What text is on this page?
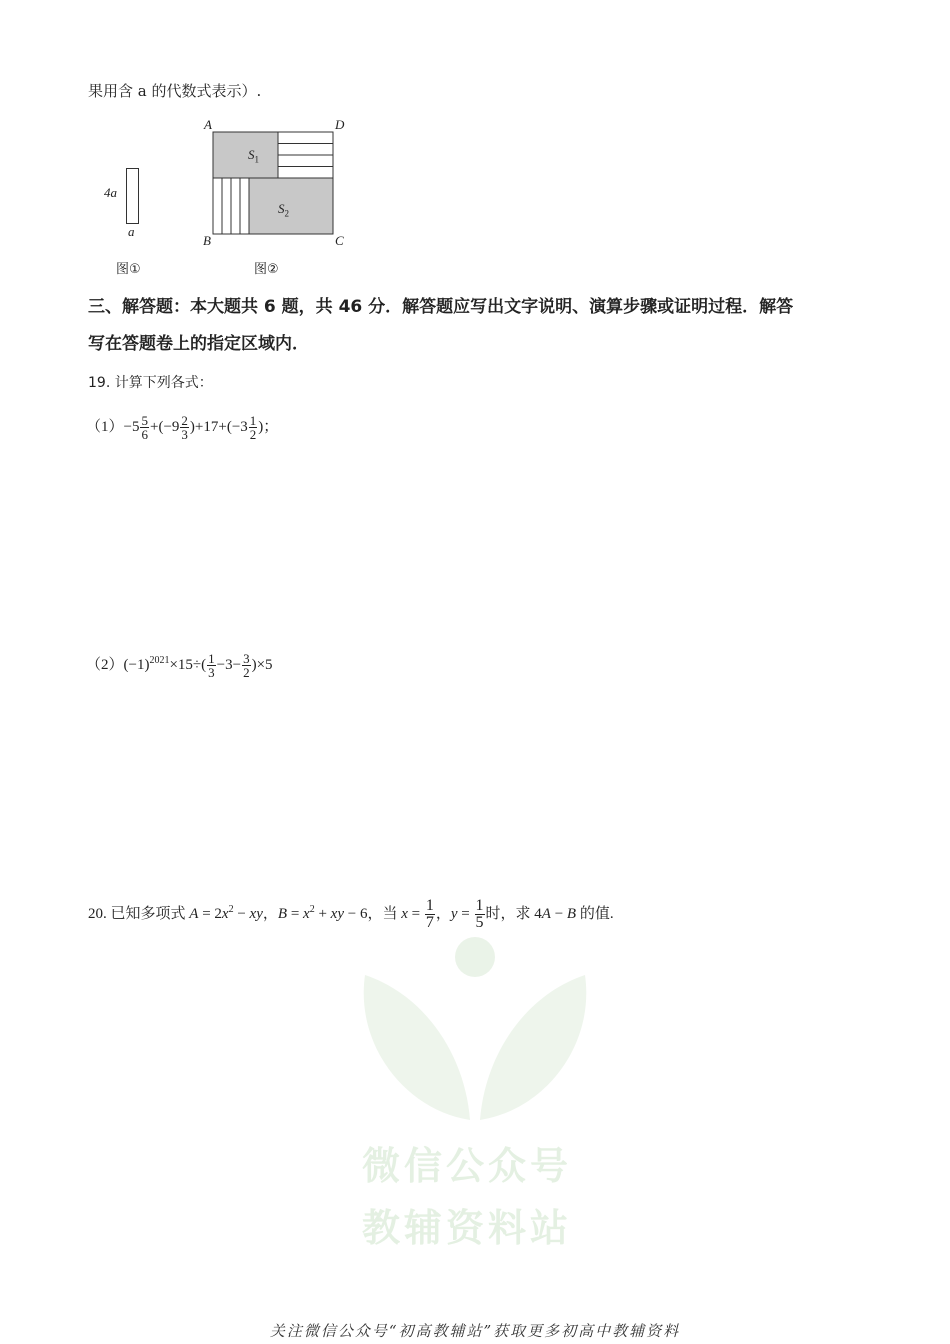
果用含 a 的代数式表示）.
4a
a
图①
A	D
B	C
$S_1$
$S_2$
图②
三、解答题：本大题共 6 题，共 46 分．解答题应写出文字说明、演算步骤或证明过程．解答
写在答题卷上的指定区域内．
19. 计算下列各式：
$(1)-5 \frac{5}{6} +(-9 \frac{2}{3} )+17+(-3 \frac{1}{2}$ )；
$(2)(-1)^{2021}\times 15\div( \frac{1}{3} -3- \frac{3}{2} )\times 5$
20. 已知多项式 $A = 2x^2$ − xy，$B = x^2$ + xy − 6，当 $x = \frac{1}{7}$ ，$y = \frac{1}{5}$ 时，求 4A − B 的值.
微信公众号
教辅资料站
关注微信公众号“初高教辅站”获取更多初高中教辅资料
